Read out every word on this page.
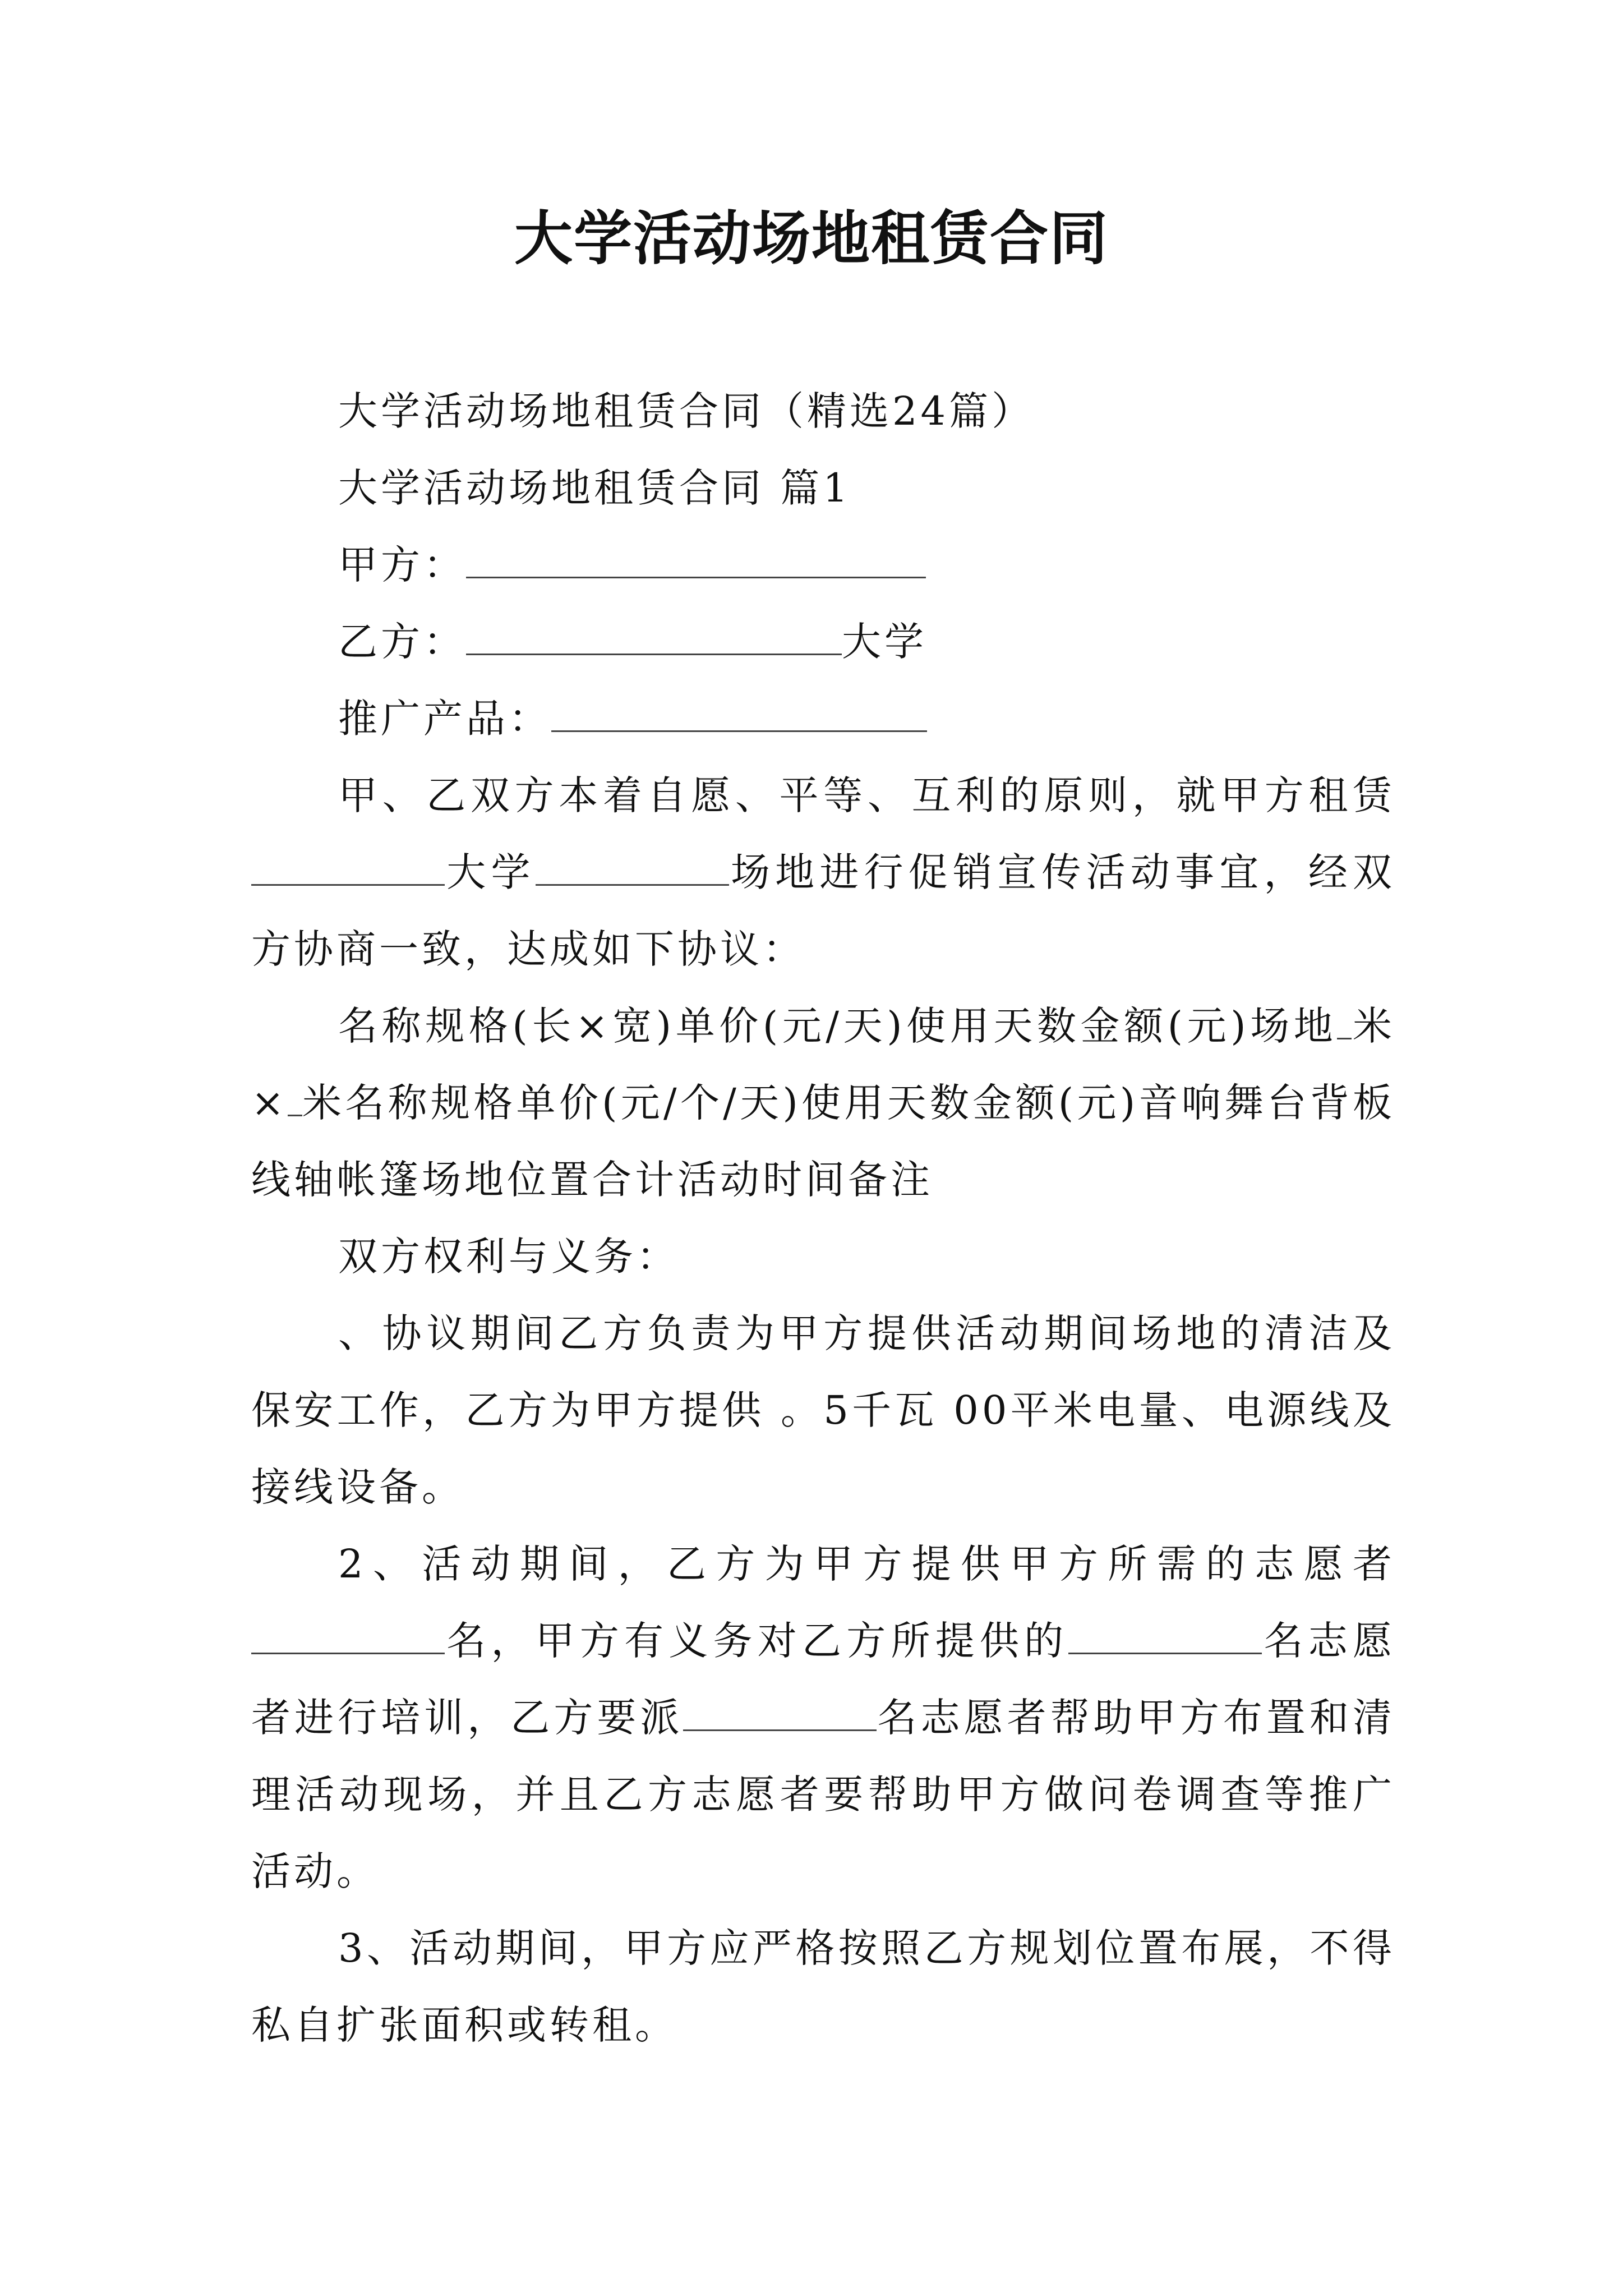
大学活动场地租赁合同

大学活动场地租赁合同（精选24篇）

大学活动场地租赁合同 篇1

甲方：

乙方：	大学

推广产品：

甲、乙双方本着自愿、平等、互利的原则，就甲方租赁大学	场地进行促销宣传活动事宜，经双方协商一致，达成如下协议：

名称规格(长×宽)单价(元/天)使用天数金额(元)场地 米× 米名称规格单价(元/个/天)使用天数金额(元)音响舞台背板线轴帐篷场地位置合计活动时间备注

双方权利与义务：

、协议期间乙方负责为甲方提供活动期间场地的清洁及保安工作，乙方为甲方提供 。5千瓦 00平米电量、电源线及接线设备。

2、活动期间，乙方为甲方提供甲方所需的志愿者名，甲方有义务对乙方所提供的	名志愿者进行培训，乙方要派	名志愿者帮助甲方布置和清理活动现场，并且乙方志愿者要帮助甲方做问卷调查等推广活动。

3、活动期间，甲方应严格按照乙方规划位置布展，不得私自扩张面积或转租。
